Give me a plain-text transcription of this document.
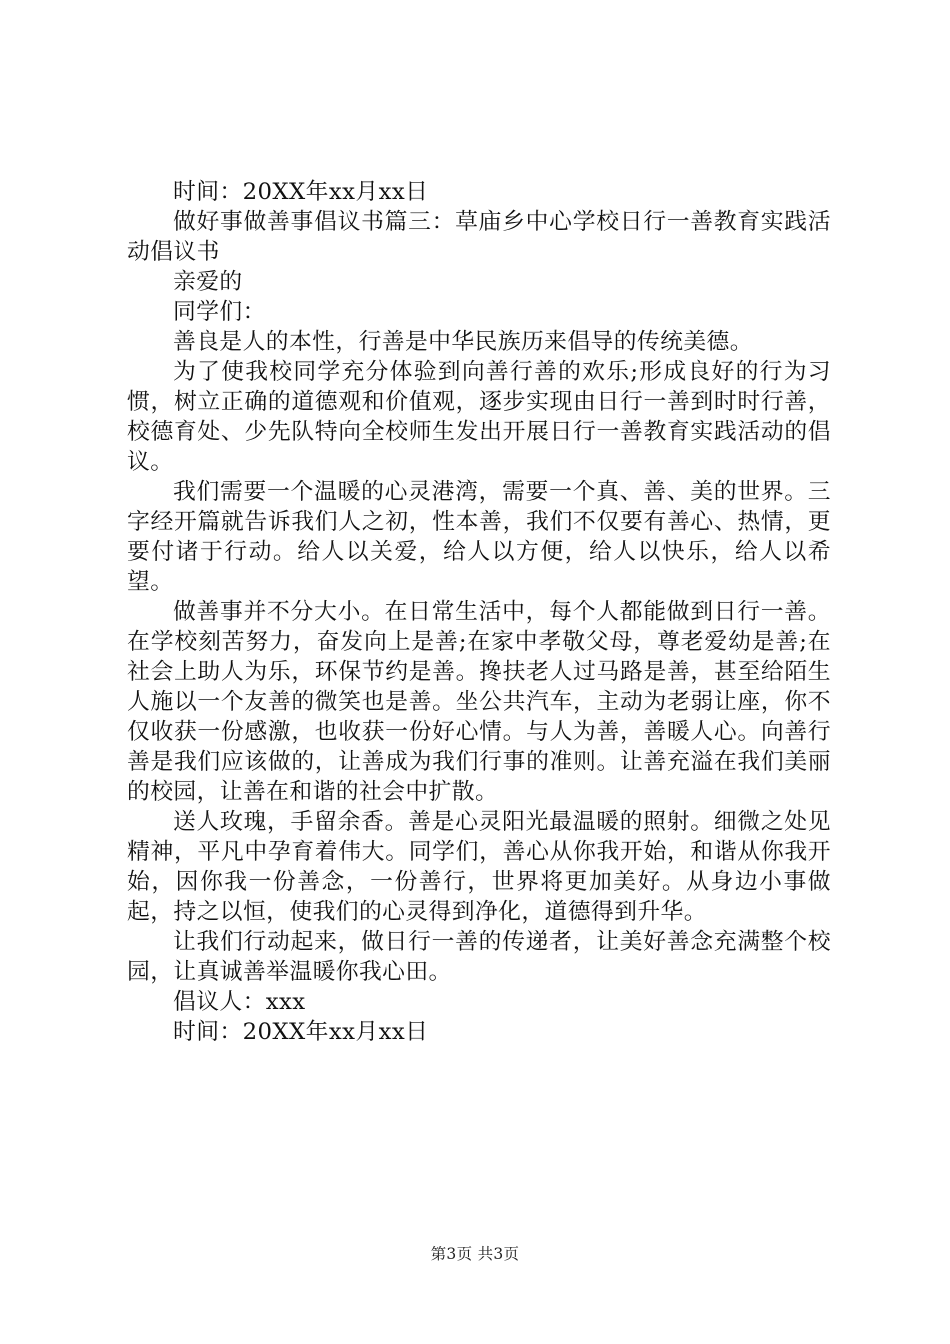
时间：20XX年xx月xx日
做好事做善事倡议书篇三：草庙乡中心学校日行一善教育实践活动倡议书
亲爱的
同学们：
善良是人的本性，行善是中华民族历来倡导的传统美德。
为了使我校同学充分体验到向善行善的欢乐;形成良好的行为习惯，树立正确的道德观和价值观，逐步实现由日行一善到时时行善，校德育处、少先队特向全校师生发出开展日行一善教育实践活动的倡议。
我们需要一个温暖的心灵港湾，需要一个真、善、美的世界。三字经开篇就告诉我们人之初，性本善，我们不仅要有善心、热情，更要付诸于行动。给人以关爱，给人以方便，给人以快乐，给人以希望。
做善事并不分大小。在日常生活中，每个人都能做到日行一善。在学校刻苦努力，奋发向上是善;在家中孝敬父母，尊老爱幼是善;在社会上助人为乐，环保节约是善。搀扶老人过马路是善，甚至给陌生人施以一个友善的微笑也是善。坐公共汽车，主动为老弱让座，你不仅收获一份感激，也收获一份好心情。与人为善，善暖人心。向善行善是我们应该做的，让善成为我们行事的准则。让善充溢在我们美丽的校园，让善在和谐的社会中扩散。
送人玫瑰，手留余香。善是心灵阳光最温暖的照射。细微之处见精神，平凡中孕育着伟大。同学们，善心从你我开始，和谐从你我开始，因你我一份善念，一份善行，世界将更加美好。从身边小事做起，持之以恒，使我们的心灵得到净化，道德得到升华。
让我们行动起来，做日行一善的传递者，让美好善念充满整个校园，让真诚善举温暖你我心田。
倡议人：xxx
时间：20XX年xx月xx日
第3页 共3页
